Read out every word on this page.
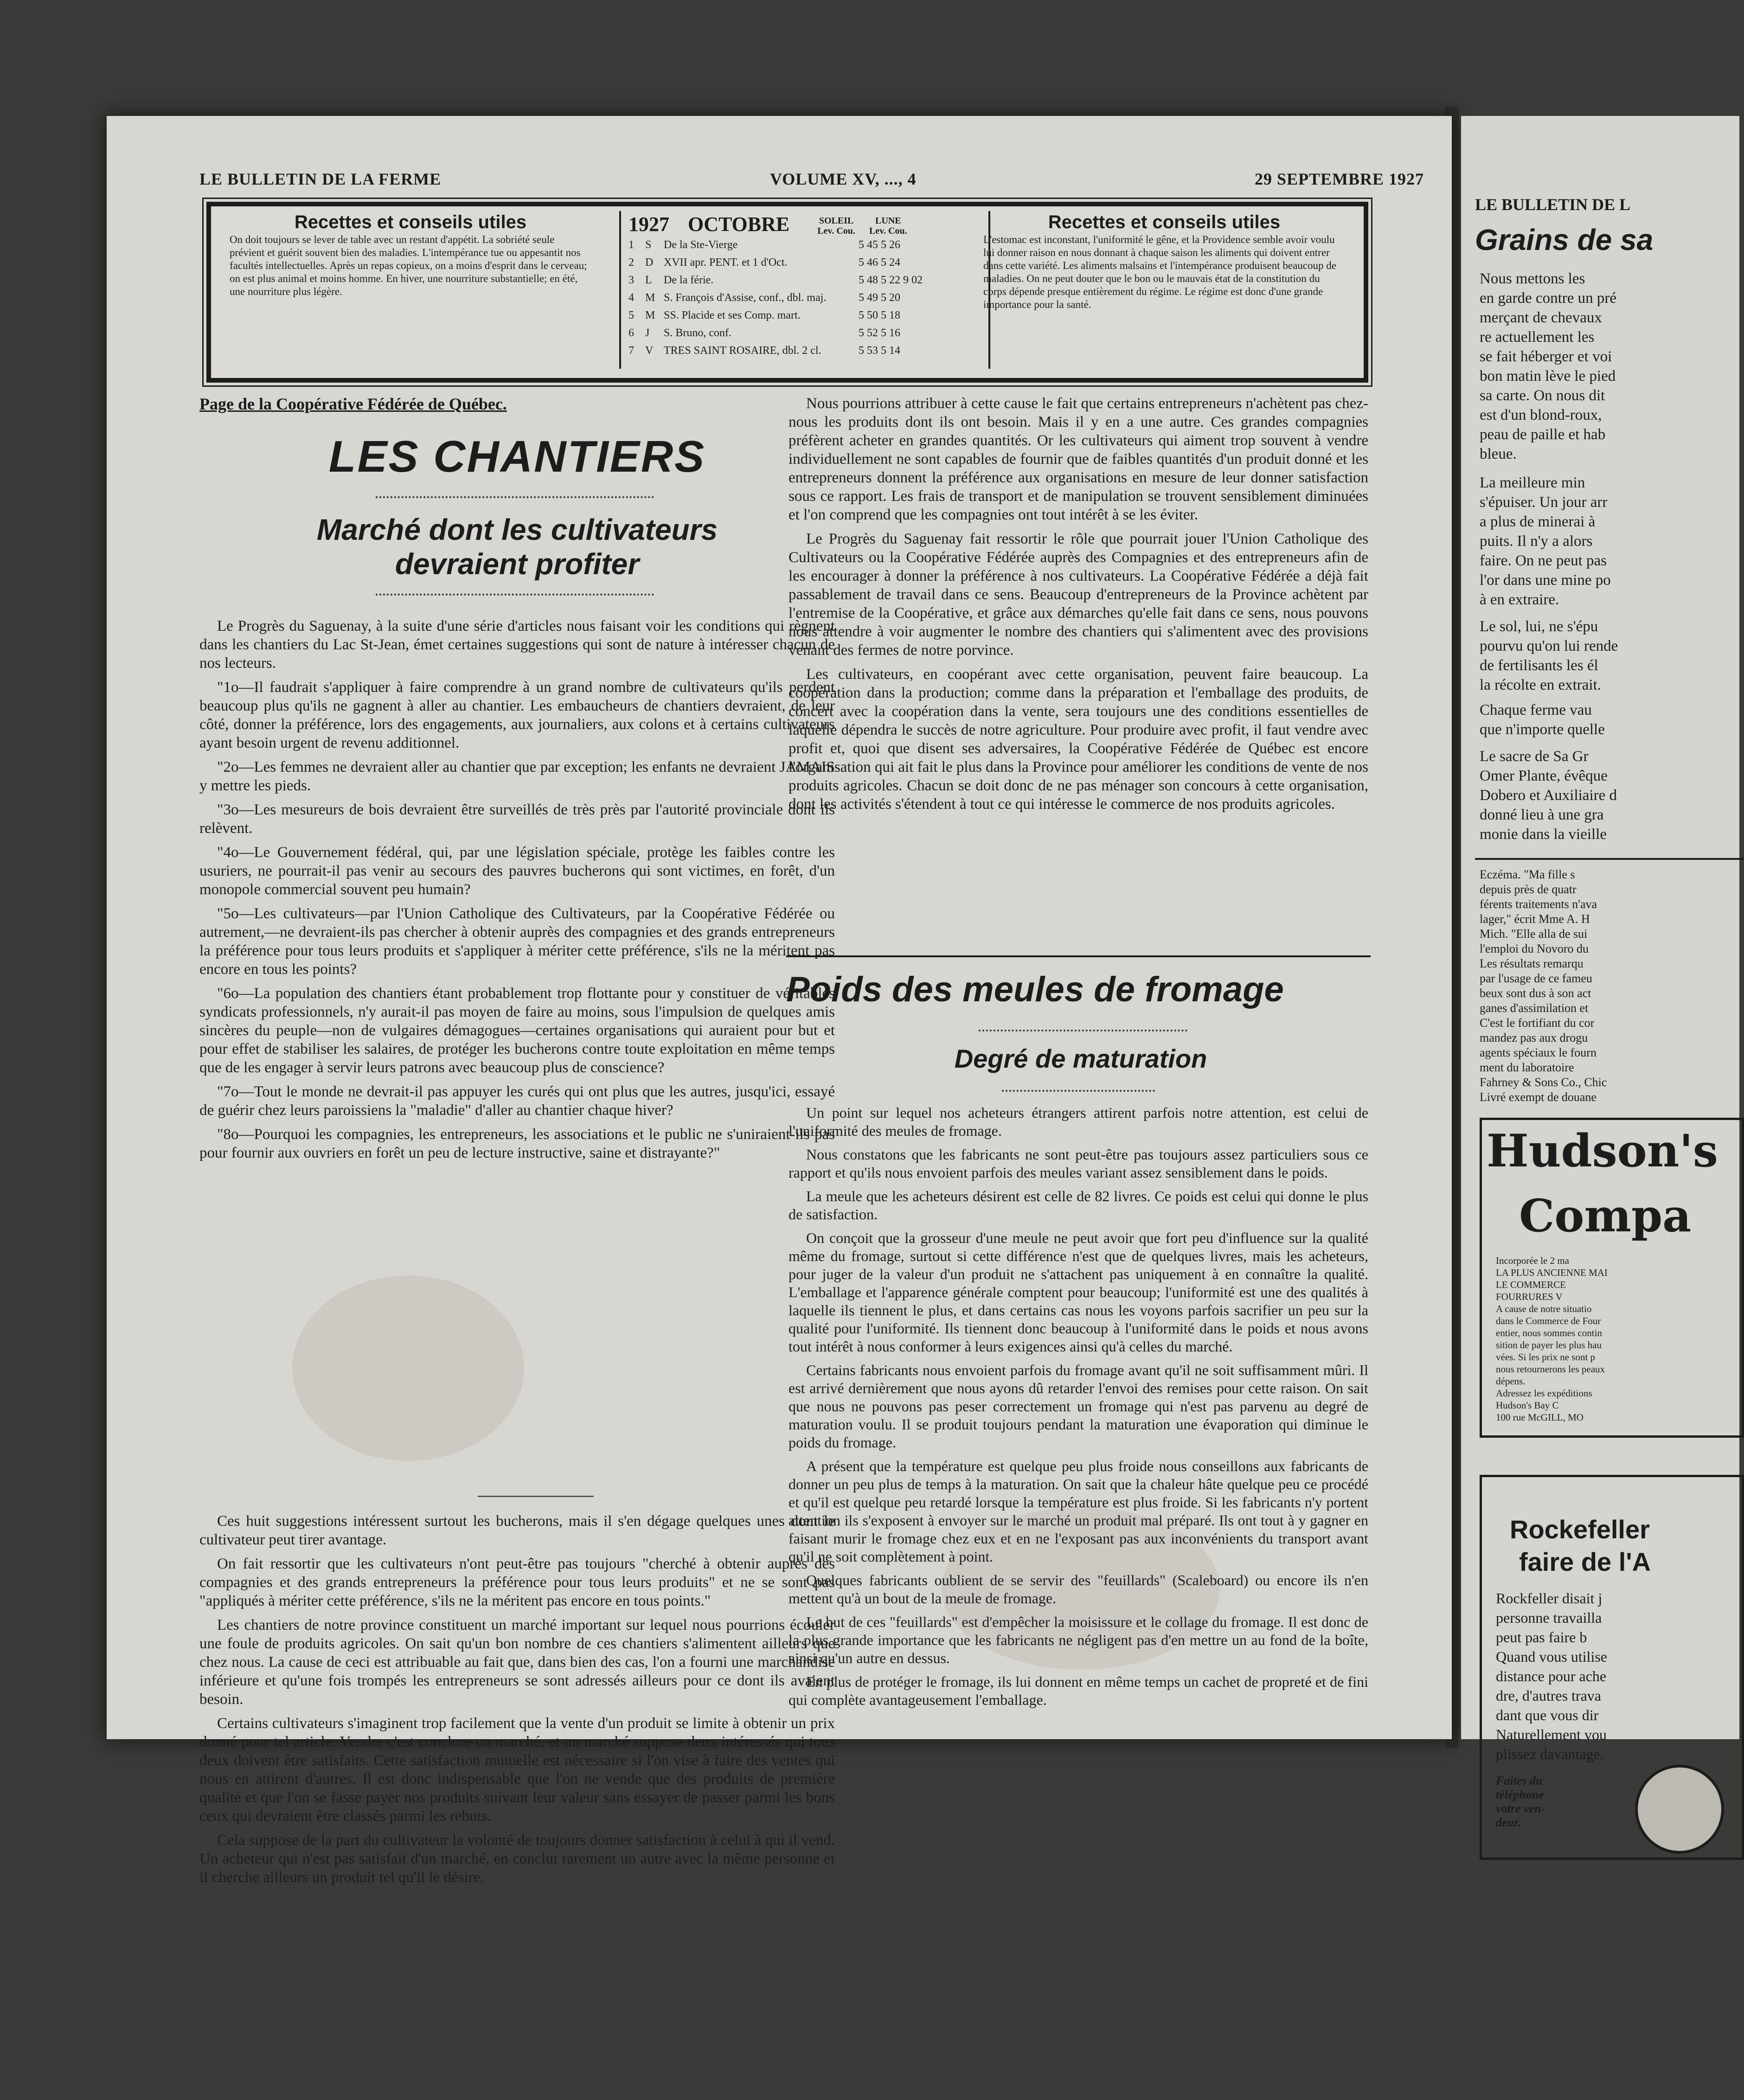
LE BULLETIN DE LA FERME	VOLUME XV, ..., 4	29 SEPTEMBRE 1927
Recettes et conseils utiles
On doit toujours se lever de table avec un restant d'appétit. La sobriété seule prévient et guérit souvent bien des maladies. L'intempérance tue ou appesantit nos facultés intellectuelles. Après un repas copieux, on a moins d'esprit dans le cerveau; on est plus animal et moins homme. En hiver, une nourriture substantielle; en été, une nourriture plus légère.
1927 OCTOBRE	SOLEIL
Lev. Cou.
LUNE
Lev. Cou.
1	S	De la Ste-Vierge	5 45 5 26
2	D XVII apr. PENT. et 1 d'Oct.	5 46 5 24
3	L	De la férie.	5 48 5 22 9 02
4	M S. François d'Assise, conf., dbl. maj.	5 49 5 20
5	M SS. Placide et ses Comp. mart.	5 50 5 18
6	J	S. Bruno, conf.	5 52 5 16
7	V TRES SAINT ROSAIRE, dbl. 2 cl.	5 53 5 14
Recettes et conseils utiles
L'estomac est inconstant, l'uniformité le gêne, et la Providence semble avoir voulu lui donner raison en nous donnant à chaque saison les aliments qui doivent entrer dans cette variété. Les aliments malsains et l'intempérance produisent beaucoup de maladies. On ne peut douter que le bon ou le mauvais état de la constitution du corps dépende presque entièrement du régime. Le régime est donc d'une grande importance pour la santé.
Page de la Coopérative Fédérée de Québec.
LES CHANTIERS
Marché dont les cultivateurs devraient profiter

Le Progrès du Saguenay, à la suite d'une série d'articles nous faisant voir les conditions qui règnent dans les chantiers du Lac St-Jean, émet certaines suggestions qui sont de nature à intéresser chacun de nos lecteurs.

"1o—Il faudrait s'appliquer à faire comprendre à un grand nombre de cultivateurs qu'ils perdent beaucoup plus qu'ils ne gagnent à aller au chantier. Les embaucheurs de chantiers devraient, de leur côté, donner la préférence, lors des engagements, aux journaliers, aux colons et à certains cultivateurs ayant besoin urgent de revenu additionnel.

"2o—Les femmes ne devraient aller au chantier que par exception; les enfants ne devraient JAMAIS y mettre les pieds.

"3o—Les mesureurs de bois devraient être surveillés de très près par l'autorité provinciale dont ils relèvent.

"4o—Le Gouvernement fédéral, qui, par une législation spéciale, protège les faibles contre les usuriers, ne pourrait-il pas venir au secours des pauvres bucherons qui sont victimes, en forêt, d'un monopole commercial souvent peu humain?

"5o—Les cultivateurs—par l'Union Catholique des Cultivateurs, par la Coopérative Fédérée ou autrement,—ne devraient-ils pas chercher à obtenir auprès des compagnies et des grands entrepreneurs la préférence pour tous leurs produits et s'appliquer à mériter cette préférence, s'ils ne la méritent pas encore en tous les points?

"6o—La population des chantiers étant probablement trop flottante pour y constituer de véritables syndicats professionnels, n'y aurait-il pas moyen de faire au moins, sous l'impulsion de quelques amis sincères du peuple—non de vulgaires démagogues—certaines organisations qui auraient pour but et pour effet de stabiliser les salaires, de protéger les bucherons contre toute exploitation en même temps que de les engager à servir leurs patrons avec beaucoup plus de conscience?

"7o—Tout le monde ne devrait-il pas appuyer les curés qui ont plus que les autres, jusqu'ici, essayé de guérir chez leurs paroissiens la "maladie" d'aller au chantier chaque hiver?

"8o—Pourquoi les compagnies, les entrepreneurs, les associations et le public ne s'uniraient-ils pas pour fournir aux ouvriers en forêt un peu de lecture instructive, saine et distrayante?"

Ces huit suggestions intéressent surtout les bucherons, mais il s'en dégage quelques unes dont le cultivateur peut tirer avantage.

On fait ressortir que les cultivateurs n'ont peut-être pas toujours "cherché à obtenir auprès des compagnies et des grands entrepreneurs la préférence pour tous leurs produits" et ne se sont pas "appliqués à mériter cette préférence, s'ils ne la méritent pas encore en tous points."

Les chantiers de notre province constituent un marché important sur lequel nous pourrions écouler une foule de produits agricoles. On sait qu'un bon nombre de ces chantiers s'alimentent ailleurs que chez nous. La cause de ceci est attribuable au fait que, dans bien des cas, l'on a fourni une marchandise inférieure et qu'une fois trompés les entrepreneurs se sont adressés ailleurs pour ce dont ils avaient besoin.

Certains cultivateurs s'imaginent trop facilement que la vente d'un produit se limite à obtenir un prix donné pour tel article. Vendre c'est conclure un marché, et un marché suppose deux intéressés qui tous deux doivent être satisfaits. Cette satisfaction mutuelle est nécessaire si l'on vise à faire des ventes qui nous en attirent d'autres. Il est donc indispensable que l'on ne vende que des produits de première qualité et que l'on se fasse payer nos produits suivant leur valeur sans essayer de passer parmi les bons ceux qui devraient être classés parmi les rebuts.

Cela suppose de la part du cultivateur la volonté de toujours donner satisfaction à celui à qui il vend. Un acheteur qui n'est pas satisfait d'un marché, en conclut rarement un autre avec la même personne et il cherche ailleurs un produit tel qu'il le désire.

Nous pourrions attribuer à cette cause le fait que certains entrepreneurs n'achètent pas chez-nous les produits dont ils ont besoin. Mais il y en a une autre. Ces grandes compagnies préfèrent acheter en grandes quantités. Or les cultivateurs qui aiment trop souvent à vendre individuellement ne sont capables de fournir que de faibles quantités d'un produit donné et les entrepreneurs donnent la préférence aux organisations en mesure de leur donner satisfaction sous ce rapport. Les frais de transport et de manipulation se trouvent sensiblement diminuées et l'on comprend que les compagnies ont tout intérêt à se les éviter.

Le Progrès du Saguenay fait ressortir le rôle que pourrait jouer l'Union Catholique des Cultivateurs ou la Coopérative Fédérée auprès des Compagnies et des entrepreneurs afin de les encourager à donner la préférence à nos cultivateurs. La Coopérative Fédérée a déjà fait passablement de travail dans ce sens. Beaucoup d'entrepreneurs de la Province achètent par l'entremise de la Coopérative, et grâce aux démarches qu'elle fait dans ce sens, nous pouvons nous attendre à voir augmenter le nombre des chantiers qui s'alimentent avec des provisions venant des fermes de notre porvince.

Les cultivateurs, en coopérant avec cette organisation, peuvent faire beaucoup. La coopération dans la production; comme dans la préparation et l'emballage des produits, de concert avec la coopération dans la vente, sera toujours une des conditions essentielles de laquelle dépendra le succès de notre agriculture. Pour produire avec profit, il faut vendre avec profit et, quoi que disent ses adversaires, la Coopérative Fédérée de Québec est encore l'organisation qui ait fait le plus dans la Province pour améliorer les conditions de vente de nos produits agricoles. Chacun se doit donc de ne pas ménager son concours à cette organisation, dont les activités s'étendent à tout ce qui intéresse le commerce de nos produits agricoles.

Poids des meules de fromage
Degré de maturation

Un point sur lequel nos acheteurs étrangers attirent parfois notre attention, est celui de l'uniformité des meules de fromage.

Nous constatons que les fabricants ne sont peut-être pas toujours assez particuliers sous ce rapport et qu'ils nous envoient parfois des meules variant assez sensiblement dans le poids.

La meule que les acheteurs désirent est celle de 82 livres. Ce poids est celui qui donne le plus de satisfaction.

On conçoit que la grosseur d'une meule ne peut avoir que fort peu d'influence sur la qualité même du fromage, surtout si cette différence n'est que de quelques livres, mais les acheteurs, pour juger de la valeur d'un produit ne s'attachent pas uniquement à en connaître la qualité. L'emballage et l'apparence générale comptent pour beaucoup; l'uniformité est une des qualités à laquelle ils tiennent le plus, et dans certains cas nous les voyons parfois sacrifier un peu sur la qualité pour l'uniformité. Ils tiennent donc beaucoup à l'uniformité dans le poids et nous avons tout intérêt à nous conformer à leurs exigences ainsi qu'à celles du marché.

Certains fabricants nous envoient parfois du fromage avant qu'il ne soit suffisamment mûri. Il est arrivé dernièrement que nous ayons dû retarder l'envoi des remises pour cette raison. On sait que nous ne pouvons pas peser correctement un fromage qui n'est pas parvenu au degré de maturation voulu. Il se produit toujours pendant la maturation une évaporation qui diminue le poids du fromage.

A présent que la température est quelque peu plus froide nous conseillons aux fabricants de donner un peu plus de temps à la maturation. On sait que la chaleur hâte quelque peu ce procédé et qu'il est quelque peu retardé lorsque la température est plus froide. Si les fabricants n'y portent attention ils s'exposent à envoyer sur le marché un produit mal préparé. Ils ont tout à y gagner en faisant murir le fromage chez eux et en ne l'exposant pas aux inconvénients du transport avant qu'il ne soit complètement à point.

Quelques fabricants oublient de se servir des "feuillards" (Scaleboard) ou encore ils n'en mettent qu'à un bout de la meule de fromage.

Le but de ces "feuillards" est d'empêcher la moisissure et le collage du fromage. Il est donc de la plus grande importance que les fabricants ne négligent pas d'en mettre un au fond de la boîte, ainsi qu'un autre en dessus.

En plus de protéger le fromage, ils lui donnent en même temps un cachet de propreté et de fini qui complète avantageusement l'emballage.

LE BULLETIN DE L
Grains de sa
Nous mettons les
en garde contre un pré
merçant de chevaux
re actuellement les
se fait héberger et voi
bon matin lève le pied
sa carte. On nous dit
est d'un blond-roux,
peau de paille et hab
bleue.
La meilleure min
s'épuiser. Un jour arr
a plus de minerai à
puits. Il n'y a alors
faire. On ne peut pas
l'or dans une mine po
à en extraire.
Le sol, lui, ne s'épu
pourvu qu'on lui rende
de fertilisants les él
la récolte en extrait.
Chaque ferme vau
que n'importe quelle
Le sacre de Sa Gr
Omer Plante, évêque
Dobero et Auxiliaire d
donné lieu à une gra
monie dans la vieille
Eczéma. "Ma fille s
depuis près de quatr
férents traitements n'ava
lager," écrit Mme A. H
Mich. "Elle alla de sui
l'emploi du Novoro du
Les résultats remarqu
par l'usage de ce fameu
beux sont dus à son act
ganes d'assimilation et
C'est le fortifiant du cor
mandez pas aux drogu
agents spéciaux le fourn
ment du laboratoire
Fahrney & Sons Co., Chic
Livré exempt de douane
Hudson's
Compa
Incorporée le 2 ma
LA PLUS ANCIENNE MAI
LE COMMERCE
FOURRURES V
A cause de notre situatio
dans le Commerce de Four
entier, nous sommes contin
sition de payer les plus hau
vées. Si les prix ne sont p
nous retournerons les peaux
dépens.
Adressez les expéditions
Hudson's Bay C
100 rue McGILL, MO
Rockefeller
faire de l'A
Rockfeller disait j
personne travailla
peut pas faire b
Quand vous utilise
distance pour ache
dre, d'autres trava
dant que vous dir
Naturellement vou
plissez davantage.
Faites du
téléphone
votre ven-
deur.
